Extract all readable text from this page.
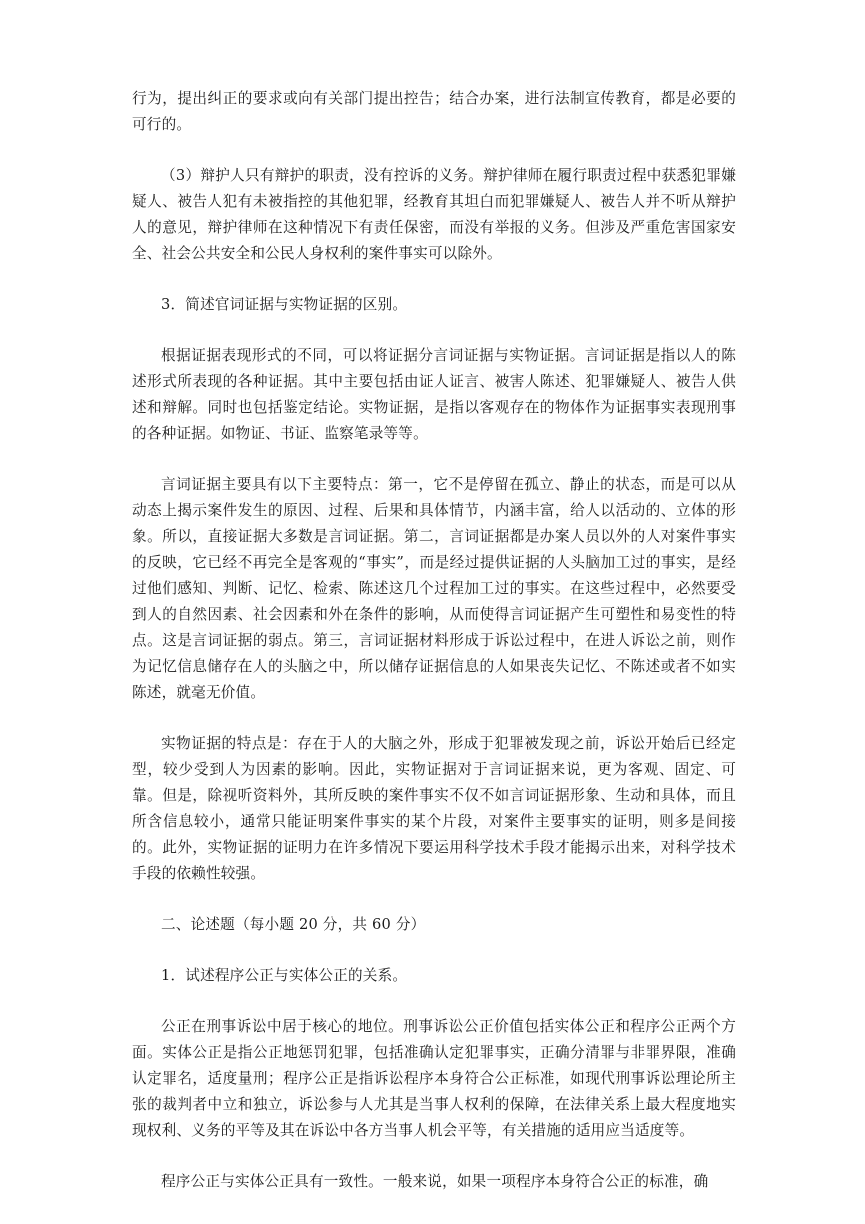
行为，提出纠正的要求或向有关部门提出控告；结合办案，进行法制宣传教育，都是必要的可行的。

（3）辩护人只有辩护的职责，没有控诉的义务。辩护律师在履行职责过程中获悉犯罪嫌疑人、被告人犯有未被指控的其他犯罪，经教育其坦白而犯罪嫌疑人、被告人并不听从辩护人的意见，辩护律师在这种情况下有责任保密，而没有举报的义务。但涉及严重危害国家安全、社会公共安全和公民人身权利的案件事实可以除外。

3．简述官词证据与实物证据的区别。

根据证据表现形式的不同，可以将证据分言词证据与实物证据。言词证据是指以人的陈述形式所表现的各种证据。其中主要包括由证人证言、被害人陈述、犯罪嫌疑人、被告人供述和辩解。同时也包括鉴定结论。实物证据，是指以客观存在的物体作为证据事实表现刑事的各种证据。如物证、书证、监察笔录等等。

言词证据主要具有以下主要特点：第一，它不是停留在孤立、静止的状态，而是可以从动态上揭示案件发生的原因、过程、后果和具体情节，内涵丰富，给人以活动的、立体的形象。所以，直接证据大多数是言词证据。第二，言词证据都是办案人员以外的人对案件事实的反映，它已经不再完全是客观的“事实”，而是经过提供证据的人头脑加工过的事实，是经过他们感知、判断、记忆、检索、陈述这几个过程加工过的事实。在这些过程中，必然要受到人的自然因素、社会因素和外在条件的影响，从而使得言词证据产生可塑性和易变性的特点。这是言词证据的弱点。第三，言词证据材料形成于诉讼过程中，在进人诉讼之前，则作为记忆信息储存在人的头脑之中，所以储存证据信息的人如果丧失记忆、不陈述或者不如实陈述，就毫无价值。

实物证据的特点是：存在于人的大脑之外，形成于犯罪被发现之前，诉讼开始后已经定型，较少受到人为因素的影响。因此，实物证据对于言词证据来说，更为客观、固定、可靠。但是，除视听资料外，其所反映的案件事实不仅不如言词证据形象、生动和具体，而且所含信息较小，通常只能证明案件事实的某个片段，对案件主要事实的证明，则多是间接的。此外，实物证据的证明力在许多情况下要运用科学技术手段才能揭示出来，对科学技术手段的依赖性较强。

二、论述题（每小题 20 分，共 60 分）

1．试述程序公正与实体公正的关系。

公正在刑事诉讼中居于核心的地位。刑事诉讼公正价值包括实体公正和程序公正两个方面。实体公正是指公正地惩罚犯罪，包括准确认定犯罪事实，正确分清罪与非罪界限，准确认定罪名，适度量刑；程序公正是指诉讼程序本身符合公正标准，如现代刑事诉讼理论所主张的裁判者中立和独立，诉讼参与人尤其是当事人权利的保障，在法律关系上最大程度地实现权利、义务的平等及其在诉讼中各方当事人机会平等，有关措施的适用应当适度等。

程序公正与实体公正具有一致性。一般来说，如果一项程序本身符合公正的标准，确
